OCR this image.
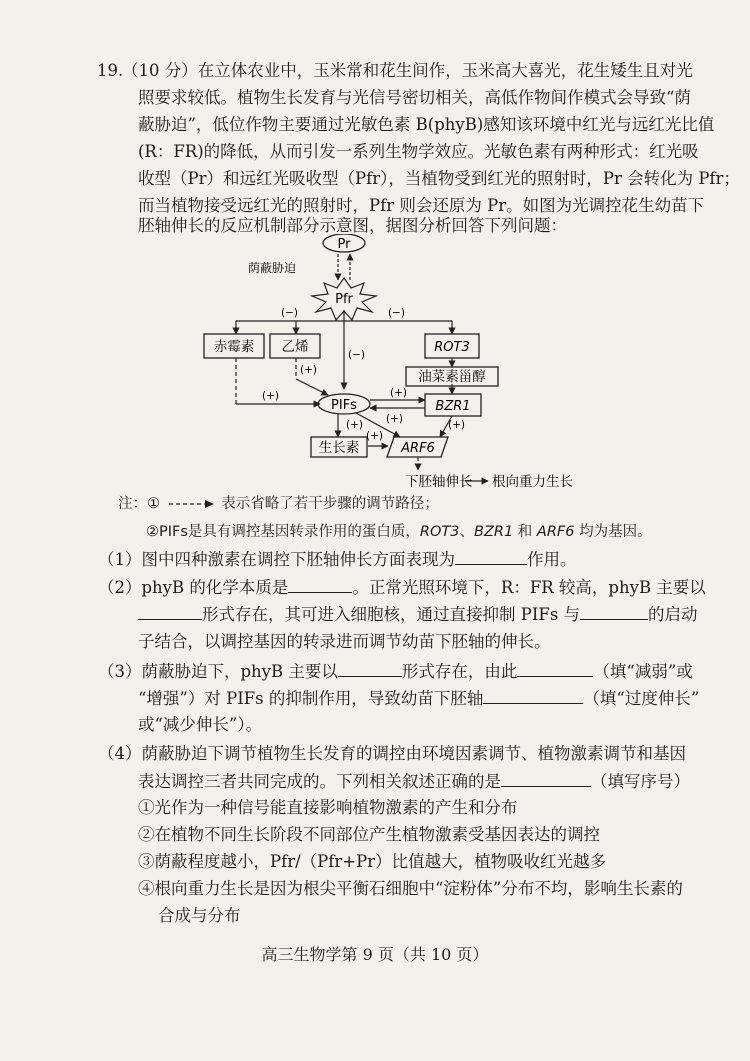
19.
（10 分）在立体农业中，玉米常和花生间作，玉米高大喜光，花生矮生且对光
照要求较低。植物生长发育与光信号密切相关，高低作物间作模式会导致“荫
蔽胁迫”，低位作物主要通过光敏色素 B(phyB)感知该环境中红光与远红光比值
(R：FR)的降低，从而引发一系列生物学效应。光敏色素有两种形式：红光吸
收型（Pr）和远红光吸收型（Pfr），当植物受到红光的照射时，Pr 会转化为 Pfr；
而当植物接受远红光的照射时，Pfr 则会还原为 Pr。如图为光调控花生幼苗下
胚轴伸长的反应机制部分示意图，据图分析回答下列问题：
Pr
Pfr
荫蔽胁迫
赤霉素 乙烯	ROT3
油菜素甾醇
PIFs	BZR1
生长素	ARF6
下胚轴伸长 根向重力生长
(−)	(−)
(−)
(+)
(+)	(+)
(+)
(+)
(+)
(+)
注：①	表示省略了若干步骤的调节路径；
②PIFs是具有调控基因转录作用的蛋白质，ROT3、BZR1 和 ARF6 均为基因。
（1）图中四种激素在调控下胚轴伸长方面表现为	作用。
（2）phyB 的化学本质是	。正常光照环境下，R：FR 较高，phyB 主要以
形式存在，其可进入细胞核，通过直接抑制 PIFs 与	的启动
子结合，以调控基因的转录进而调节幼苗下胚轴的伸长。
（3）荫蔽胁迫下，phyB 主要以	形式存在，由此	（填“减弱”或
“增强”）对 PIFs 的抑制作用，导致幼苗下胚轴	（填“过度伸长”
或“减少伸长”）。
（4）荫蔽胁迫下调节植物生长发育的调控由环境因素调节、植物激素调节和基因
表达调控三者共同完成的。下列相关叙述正确的是	（填写序号）
①光作为一种信号能直接影响植物激素的产生和分布
②在植物不同生长阶段不同部位产生植物激素受基因表达的调控
③荫蔽程度越小，Pfr/（Pfr+Pr）比值越大，植物吸收红光越多
④根向重力生长是因为根尖平衡石细胞中“淀粉体”分布不均，影响生长素的
合成与分布
高三生物学第 9 页（共 10 页）
